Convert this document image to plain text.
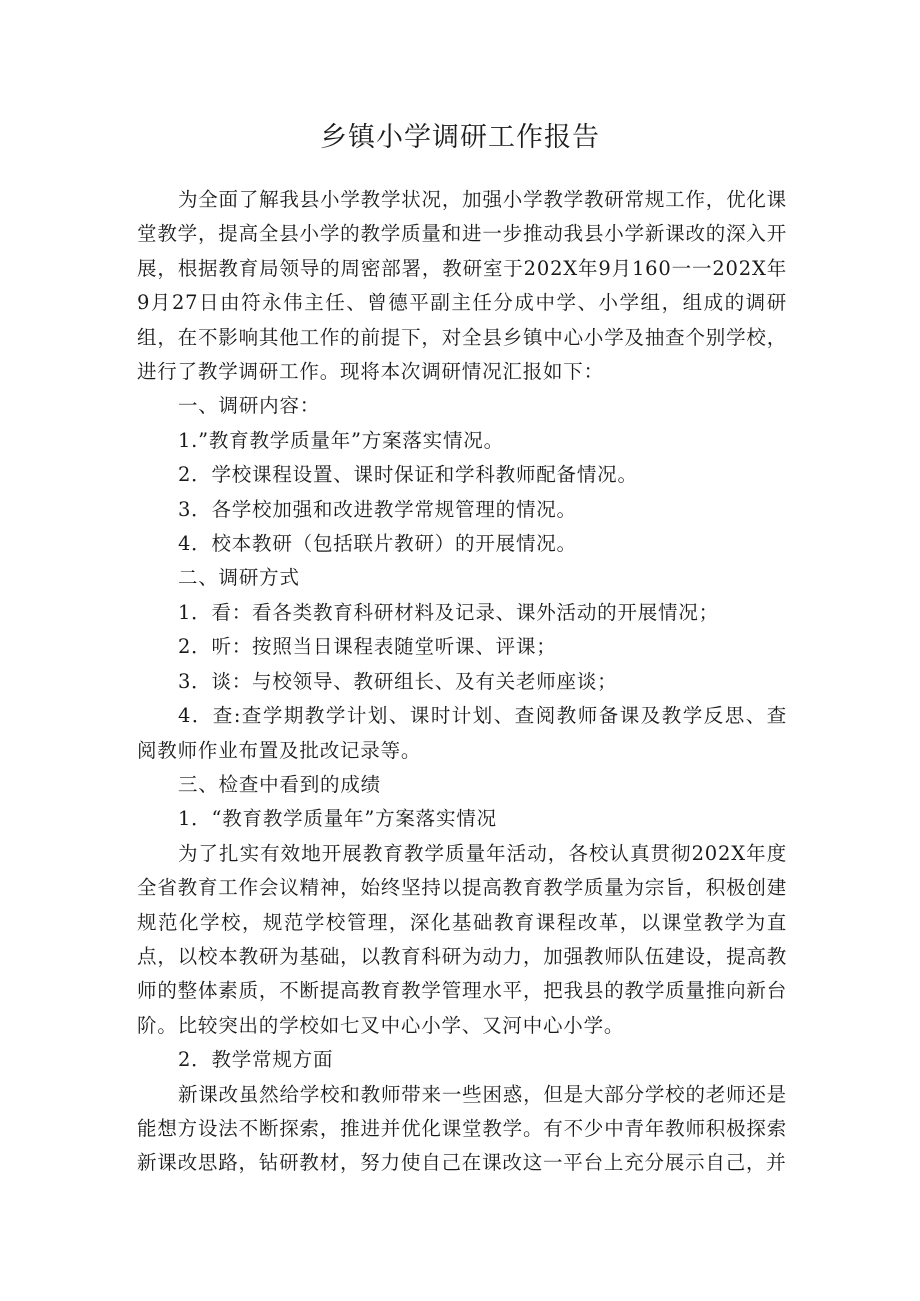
乡镇小学调研工作报告

为全面了解我县小学教学状况，加强小学教学教研常规工作，优化课堂教学，提高全县小学的教学质量和进一步推动我县小学新课改的深入开展，根据教育局领导的周密部署，教研室于202X年9月160一一202X年9月27日由符永伟主任、曾德平副主任分成中学、小学组，组成的调研组，在不影响其他工作的前提下，对全县乡镇中心小学及抽查个别学校，进行了教学调研工作。现将本次调研情况汇报如下：

一、调研内容：

1.”教育教学质量年”方案落实情况。

2．学校课程设置、课时保证和学科教师配备情况。

3．各学校加强和改进教学常规管理的情况。

4．校本教研（包括联片教研）的开展情况。

二、调研方式

1．看：看各类教育科研材料及记录、课外活动的开展情况；

2．听：按照当日课程表随堂听课、评课；

3．谈：与校领导、教研组长、及有关老师座谈；

4．查:查学期教学计划、课时计划、查阅教师备课及教学反思、查阅教师作业布置及批改记录等。

三、检查中看到的成绩

1．“教育教学质量年”方案落实情况

为了扎实有效地开展教育教学质量年活动，各校认真贯彻202X年度全省教育工作会议精神，始终坚持以提高教育教学质量为宗旨，积极创建规范化学校，规范学校管理，深化基础教育课程改革，以课堂教学为直点，以校本教研为基础，以教育科研为动力，加强教师队伍建设，提高教师的整体素质，不断提高教育教学管理水平，把我县的教学质量推向新台阶。比较突出的学校如七叉中心小学、又河中心小学。

2．教学常规方面

新课改虽然给学校和教师带来一些困惑，但是大部分学校的老师还是能想方设法不断探索，推进并优化课堂教学。有不少中青年教师积极探索新课改思路，钻研教材，努力使自己在课改这一平台上充分展示自己，并
